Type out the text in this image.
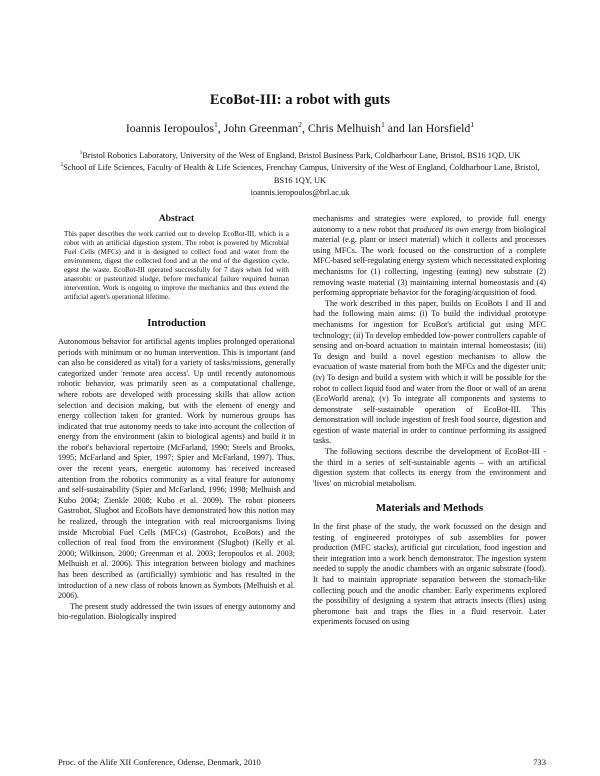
EcoBot-III: a robot with guts
Ioannis Ieropoulos$^1$, John Greenman$^2$, Chris Melhuish$^1$ and Ian Horsfield$^1$
$^1$Bristol Robotics Laboratory, University of the West of England, Bristol Business Park, Coldharbour Lane, Bristol, BS16 1QD, UK
$^2$School of Life Sciences, Faculty of Health & Life Sciences, Frenchay Campus, University of the West of England, Coldharbour Lane, Bristol, BS16 1QY, UK
ioannis.ieropoulos@brl.ac.uk
Abstract

This paper describes the work carried out to develop EcoBot-III, which is a robot with an artificial digestion system. The robot is powered by Microbial Fuel Cells (MFCs) and it is designed to collect food and water from the environment, digest the collected food and at the end of the digestion cycle, egest the waste. EcoBot-III operated successfully for 7 days when fed with anaerobic or pasteurized sludge, before mechanical failure required human intervention. Work is ongoing to improve the mechanics and thus extend the artificial agent's operational lifetime.

Introduction

Autonomous behavior for artificial agents implies prolonged operational periods with minimum or no human intervention. This is important (and can also be considered as vital) for a variety of tasks/missions, generally categorized under 'remote area access'. Up until recently autonomous robotic behavior, was primarily seen as a computational challenge, where robots are developed with processing skills that allow action selection and decision making, but with the element of energy and energy collection taken for granted. Work by numerous groups has indicated that true autonomy needs to take into account the collection of energy from the environment (akin to biological agents) and build it in the robot's behavioral repertoire (McFarland, 1990; Steels and Brooks, 1995; McFarland and Spier, 1997; Spier and McFarland, 1997). Thus, over the recent years, energetic autonomy has received increased attention from the robotics community as a vital feature for autonomy and self-sustainability (Spier and McFarland, 1996; 1998; Melhuish and Kubo 2004; Zienkle 2008; Kubo et al. 2009). The robot pioneers Gastrobot, Slugbot and EcoBots have demonstrated how this notion may be realized, through the integration with real microorganisms living inside Microbial Fuel Cells (MFCs) (Gastrobot, EcoBots) and the collection of real food from the environment (Slugbot) (Kelly et al. 2000; Wilkinson, 2000; Greenman et al. 2003; Ieropoulos et al. 2003; Melhuish et al. 2006). This integration between biology and machines has been described as (artificially) symbiotic and has resulted in the introduction of a new class of robots known as Symbots (Melhuish et al. 2006).

The present study addressed the twin issues of energy autonomy and bio-regulation. Biologically inspired

mechanisms and strategies were explored, to provide full energy autonomy to a new robot that produced its own energy from biological material (e.g. plant or insect material) which it collects and processes using MFCs. The work focused on the construction of a complete MFC-based self-regulating energy system which necessitated exploring mechanisms for (1) collecting, ingesting (eating) new substrate (2) removing waste material (3) maintaining internal homeostasis and (4) performing appropriate behavior for the foraging/acquisition of food.

The work described in this paper, builds on EcoBots I and II and had the following main aims: (i) To build the individual prototype mechanisms for ingestion for EcoBot's artificial gut using MFC technology; (ii) To develop embedded low-power controllers capable of sensing and on-board actuation to maintain internal homeostasis; (iii) To design and build a novel egestion mechanism to allow the evacuation of waste material from both the MFCs and the digester unit; (iv) To design and build a system with which it will be possible for the robot to collect liquid food and water from the floor or wall of an arena (EcoWorld arena); (v) To integrate all components and systems to demonstrate self-sustainable operation of EcoBot-III. This demonstration will include ingestion of fresh food source, digestion and egestion of waste material in order to continue performing its assigned tasks.

The following sections describe the development of EcoBot-III - the third in a series of self-sustainable agents – with an artificial digestion system that collects its energy from the environment and 'lives' on microbial metabolism.

Materials and Methods

In the first phase of the study, the work focussed on the design and testing of engineered prototypes of sub assemblies for power production (MFC stacks), artificial gut circulation, food ingestion and their integration into a work bench demonstrator. The ingestion system needed to supply the anodic chambers with an organic substrate (food). It had to maintain appropriate separation between the stomach-like collecting pouch and the anodic chamber. Early experiments explored the possibility of designing a system that attracts insects (flies) using pheromone bait and traps the flies in a fluid reservoir. Later experiments focused on using

Proc. of the Alife XII Conference, Odense, Denmark, 2010	733
